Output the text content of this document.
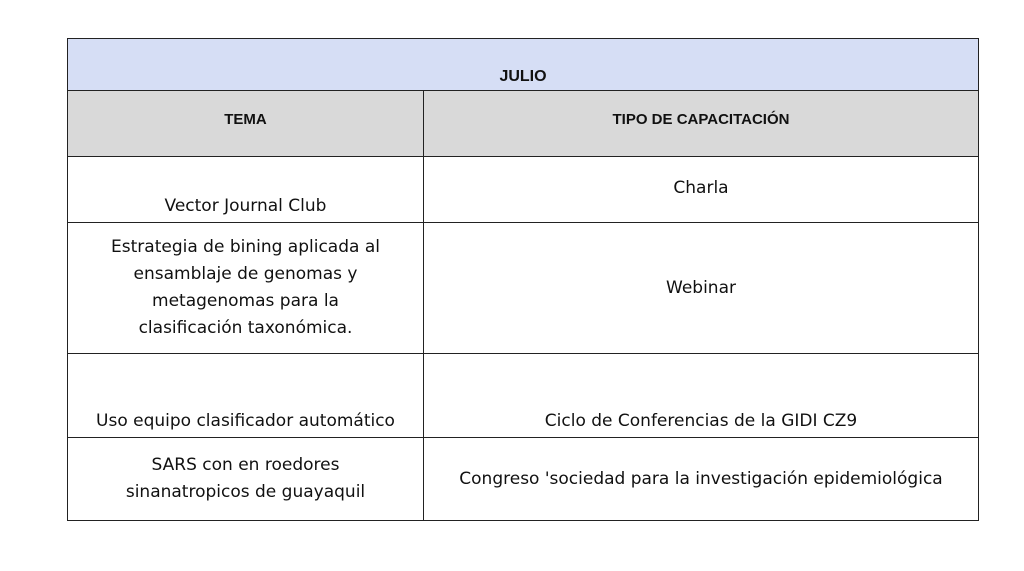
JULIO	
TEMA	TIPO DE CAPACITACIÓN
Vector Journal Club	Charla
Estrategia de bining aplicada al ensamblaje de genomas y metagenomas para la clasificación taxonómica.	Webinar
Uso equipo clasificador automático	Ciclo de Conferencias de la GIDI CZ9
SARS con en roedores sinanatropicos de guayaquil	Congreso 'sociedad para la investigación epidemiológica
